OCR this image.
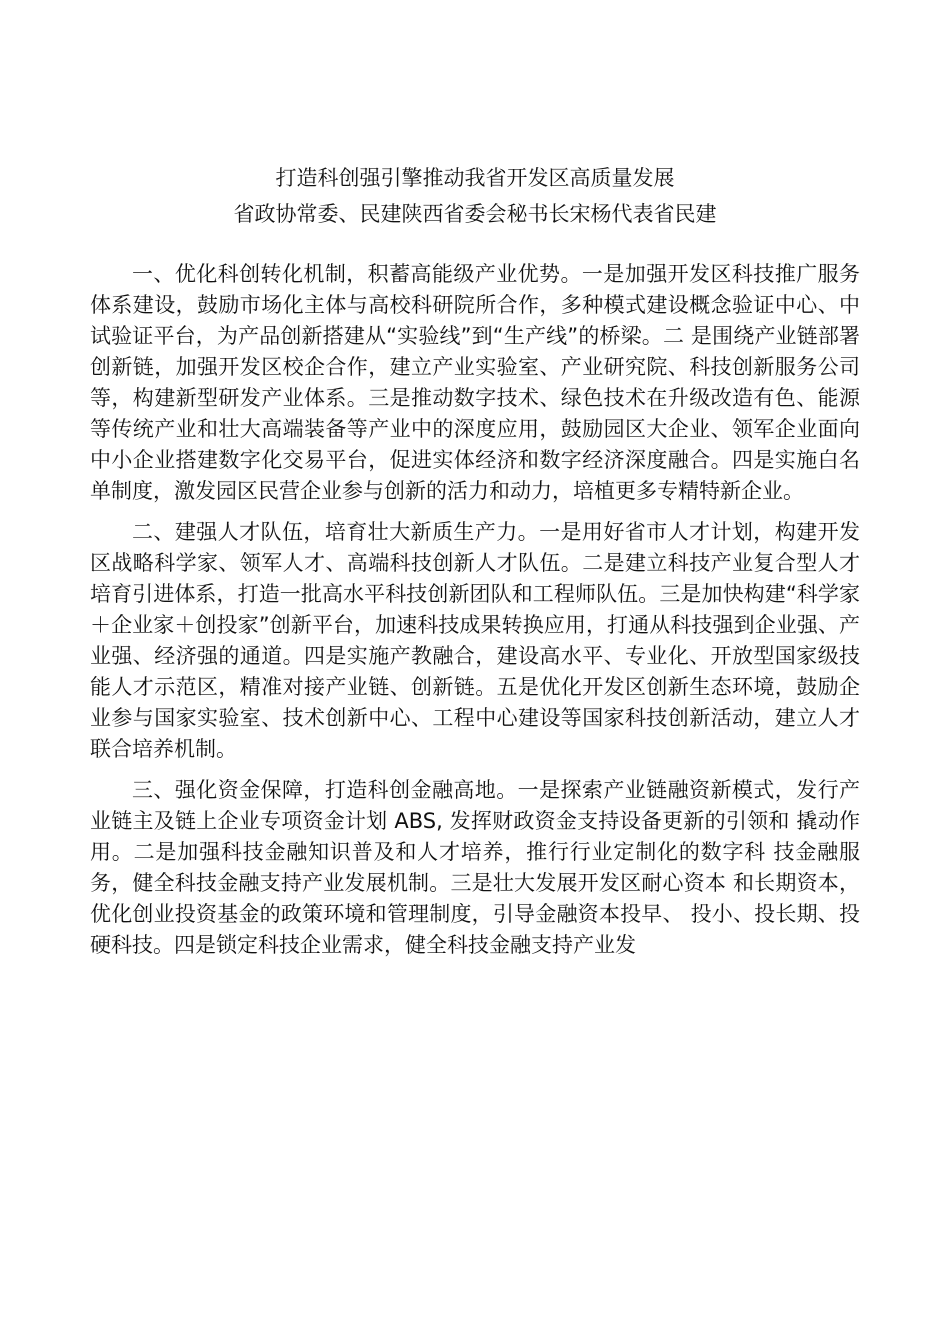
打造科创强引擎推动我省开发区高质量发展
省政协常委、民建陕西省委会秘书长宋杨代表省民建

一、优化科创转化机制，积蓄高能级产业优势。一是加强开发区科技推广服务体系建设，鼓励市场化主体与高校科研院所合作，多种模式建设概念验证中心、中试验证平台，为产品创新搭建从“实验线”到“生产线”的桥梁。二 是围绕产业链部署创新链，加强开发区校企合作，建立产业实验室、产业研究院、科技创新服务公司等，构建新型研发产业体系。三是推动数字技术、绿色技术在升级改造有色、能源等传统产业和壮大高端装备等产业中的深度应用，鼓励园区大企业、领军企业面向中小企业搭建数字化交易平台，促进实体经济和数字经济深度融合。四是实施白名单制度，激发园区民营企业参与创新的活力和动力，培植更多专精特新企业。

二、建强人才队伍，培育壮大新质生产力。一是用好省市人才计划，构建开发区战略科学家、领军人才、高端科技创新人才队伍。二是建立科技产业复合型人才培育引进体系，打造一批高水平科技创新团队和工程师队伍。三是加快构建“科学家＋企业家＋创投家”创新平台，加速科技成果转换应用，打通从科技强到企业强、产业强、经济强的通道。四是实施产教融合，建设高水平、专业化、开放型国家级技能人才示范区，精准对接产业链、创新链。五是优化开发区创新生态环境，鼓励企业参与国家实验室、技术创新中心、工程中心建设等国家科技创新活动，建立人才联合培养机制。

三、强化资金保障，打造科创金融高地。一是探索产业链融资新模式，发行产业链主及链上企业专项资金计划 ABS, 发挥财政资金支持设备更新的引领和 撬动作用。二是加强科技金融知识普及和人才培养，推行行业定制化的数字科 技金融服务，健全科技金融支持产业发展机制。三是壮大发展开发区耐心资本 和长期资本，优化创业投资基金的政策环境和管理制度，引导金融资本投早、 投小、投长期、投硬科技。四是锁定科技企业需求，健全科技金融支持产业发
